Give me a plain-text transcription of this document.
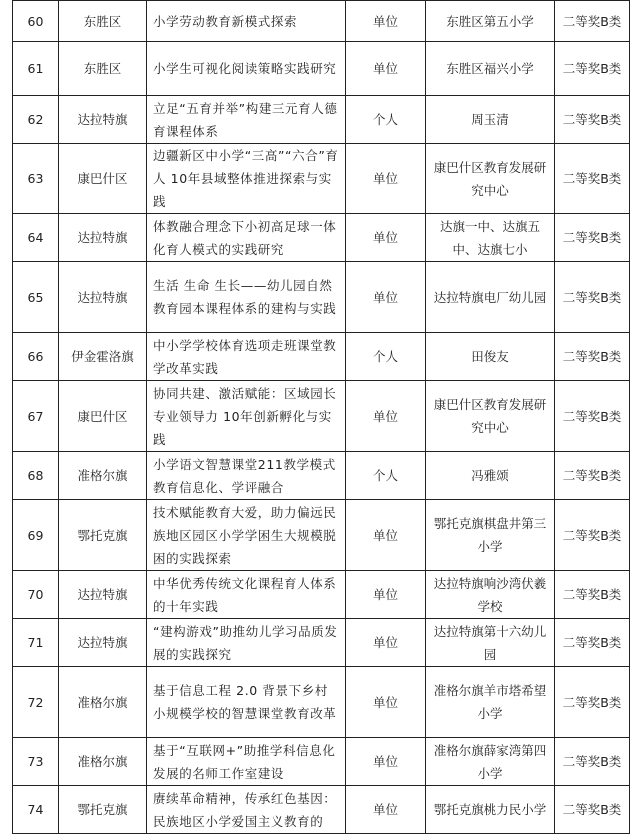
60	东胜区	小学劳动教育新模式探索	单位	东胜区第五小学	二等奖B类
61	东胜区	小学生可视化阅读策略实践研究	单位	东胜区福兴小学	二等奖B类
62	达拉特旗	立足“五育并举”构建三元育人德育课程体系	个人	周玉清	二等奖B类
63	康巴什区	边疆新区中小学“三高”“六合”育人 10年县域整体推进探索与实践	单位	康巴什区教育发展研究中心	二等奖B类
64	达拉特旗	体教融合理念下小初高足球一体化育人模式的实践研究	单位	达旗一中、达旗五中、达旗七小	二等奖B类
65	达拉特旗	生活 生命 生长——幼儿园自然教育园本课程体系的建构与实践	单位	达拉特旗电厂幼儿园	二等奖B类
66	伊金霍洛旗	中小学学校体育选项走班课堂教学改革实践	个人	田俊友	二等奖B类
67	康巴什区	协同共建、激活赋能：区域园长专业领导力 10年创新孵化与实践	单位	康巴什区教育发展研究中心	二等奖B类
68	准格尔旗	小学语文智慧课堂211教学模式教育信息化、学评融合	个人	冯雅颂	二等奖B类
69	鄂托克旗	技术赋能教育大爱，助力偏远民族地区园区小学学困生大规模脱困的实践探索	单位	鄂托克旗棋盘井第三小学	二等奖B类
70	达拉特旗	中华优秀传统文化课程育人体系的十年实践	单位	达拉特旗响沙湾伏羲学校	二等奖B类
71	达拉特旗	“建构游戏”助推幼儿学习品质发展的实践探究	单位	达拉特旗第十六幼儿园	二等奖B类
72	准格尔旗	基于信息工程 2.0 背景下乡村小规模学校的智慧课堂教育改革	单位	准格尔旗羊市塔希望小学	二等奖B类
73	准格尔旗	基于“互联网+”助推学科信息化发展的名师工作室建设	单位	准格尔旗薛家湾第四小学	二等奖B类
74	鄂托克旗	赓续革命精神，传承红色基因：民族地区小学爱国主义教育的	单位	鄂托克旗桃力民小学	二等奖B类
